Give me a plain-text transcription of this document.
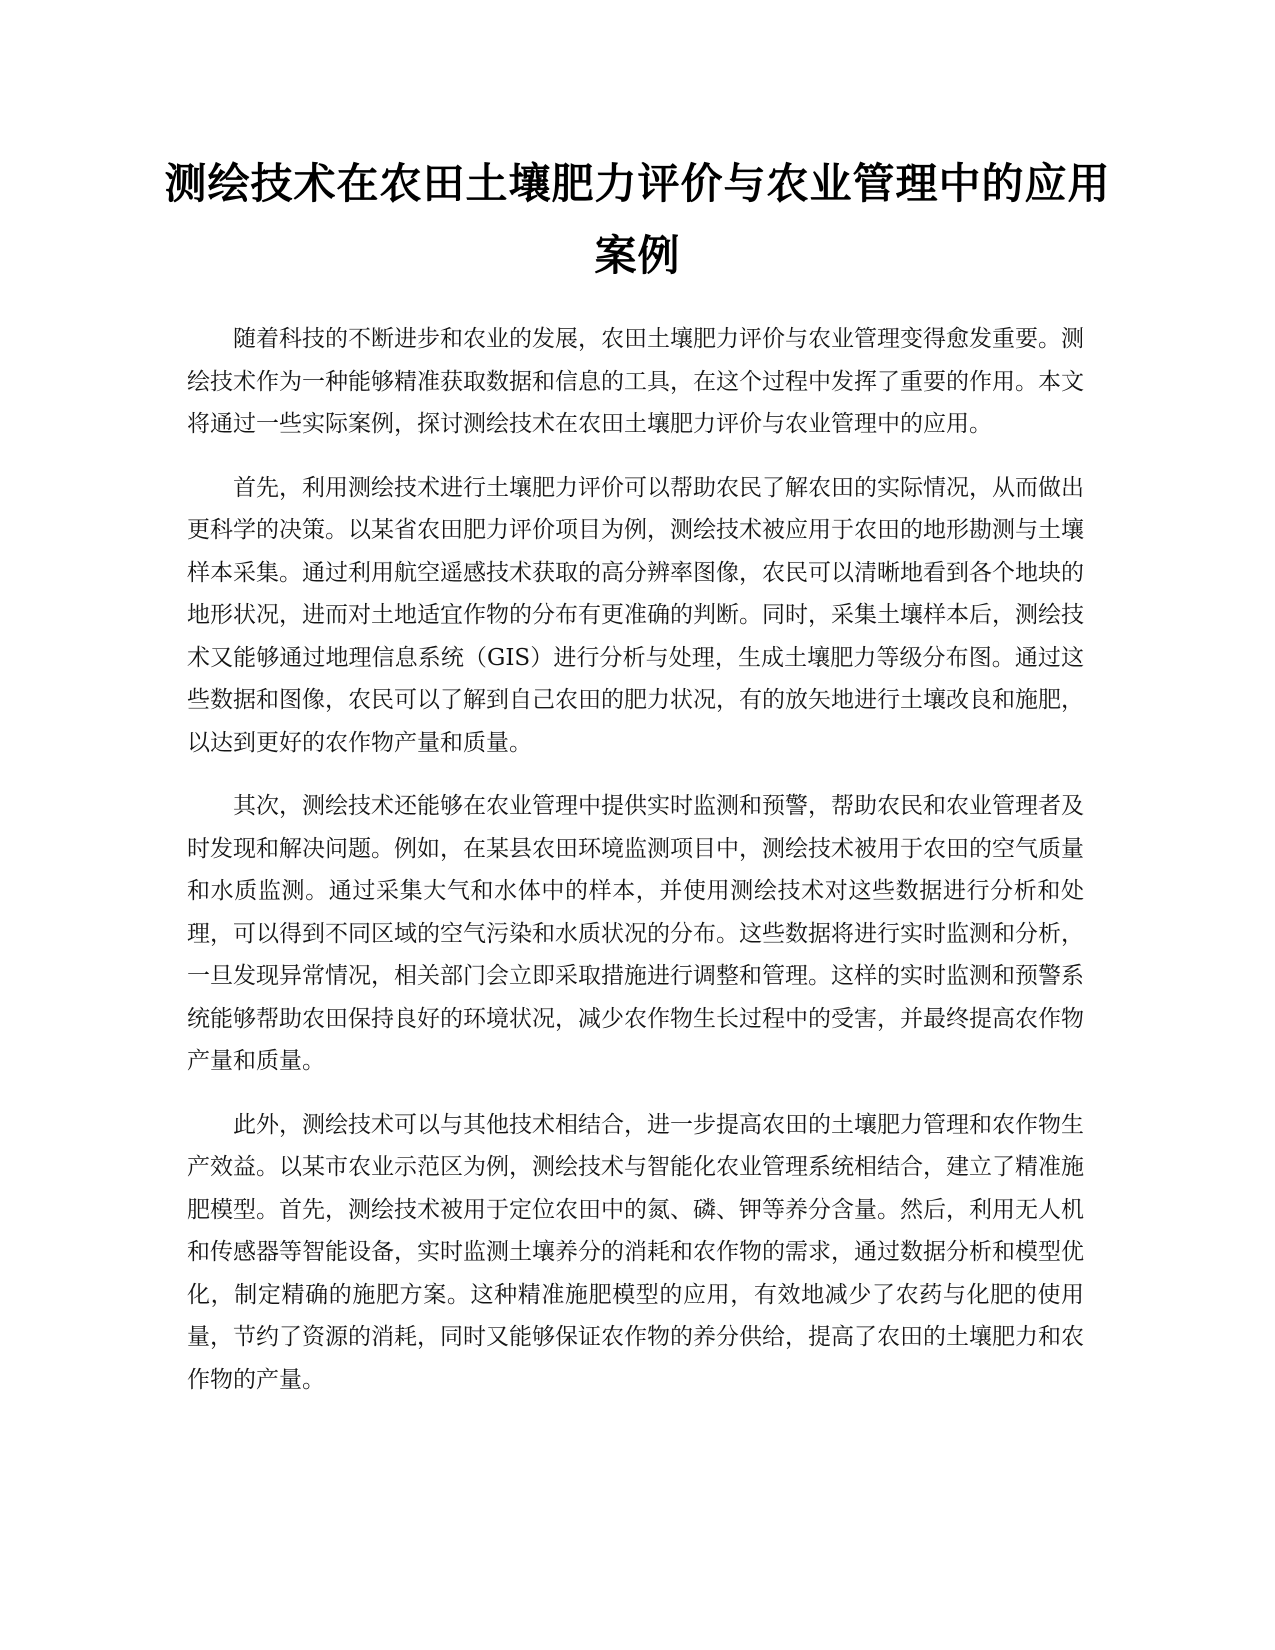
测绘技术在农田土壤肥力评价与农业管理中的应用案例

随着科技的不断进步和农业的发展，农田土壤肥力评价与农业管理变得愈发重要。测绘技术作为一种能够精准获取数据和信息的工具，在这个过程中发挥了重要的作用。本文将通过一些实际案例，探讨测绘技术在农田土壤肥力评价与农业管理中的应用。

首先，利用测绘技术进行土壤肥力评价可以帮助农民了解农田的实际情况，从而做出更科学的决策。以某省农田肥力评价项目为例，测绘技术被应用于农田的地形勘测与土壤样本采集。通过利用航空遥感技术获取的高分辨率图像，农民可以清晰地看到各个地块的地形状况，进而对土地适宜作物的分布有更准确的判断。同时，采集土壤样本后，测绘技术又能够通过地理信息系统（GIS）进行分析与处理，生成土壤肥力等级分布图。通过这些数据和图像，农民可以了解到自己农田的肥力状况，有的放矢地进行土壤改良和施肥，以达到更好的农作物产量和质量。

其次，测绘技术还能够在农业管理中提供实时监测和预警，帮助农民和农业管理者及时发现和解决问题。例如，在某县农田环境监测项目中，测绘技术被用于农田的空气质量和水质监测。通过采集大气和水体中的样本，并使用测绘技术对这些数据进行分析和处理，可以得到不同区域的空气污染和水质状况的分布。这些数据将进行实时监测和分析，一旦发现异常情况，相关部门会立即采取措施进行调整和管理。这样的实时监测和预警系统能够帮助农田保持良好的环境状况，减少农作物生长过程中的受害，并最终提高农作物产量和质量。

此外，测绘技术可以与其他技术相结合，进一步提高农田的土壤肥力管理和农作物生产效益。以某市农业示范区为例，测绘技术与智能化农业管理系统相结合，建立了精准施肥模型。首先，测绘技术被用于定位农田中的氮、磷、钾等养分含量。然后，利用无人机和传感器等智能设备，实时监测土壤养分的消耗和农作物的需求，通过数据分析和模型优化，制定精确的施肥方案。这种精准施肥模型的应用，有效地减少了农药与化肥的使用量，节约了资源的消耗，同时又能够保证农作物的养分供给，提高了农田的土壤肥力和农作物的产量。
